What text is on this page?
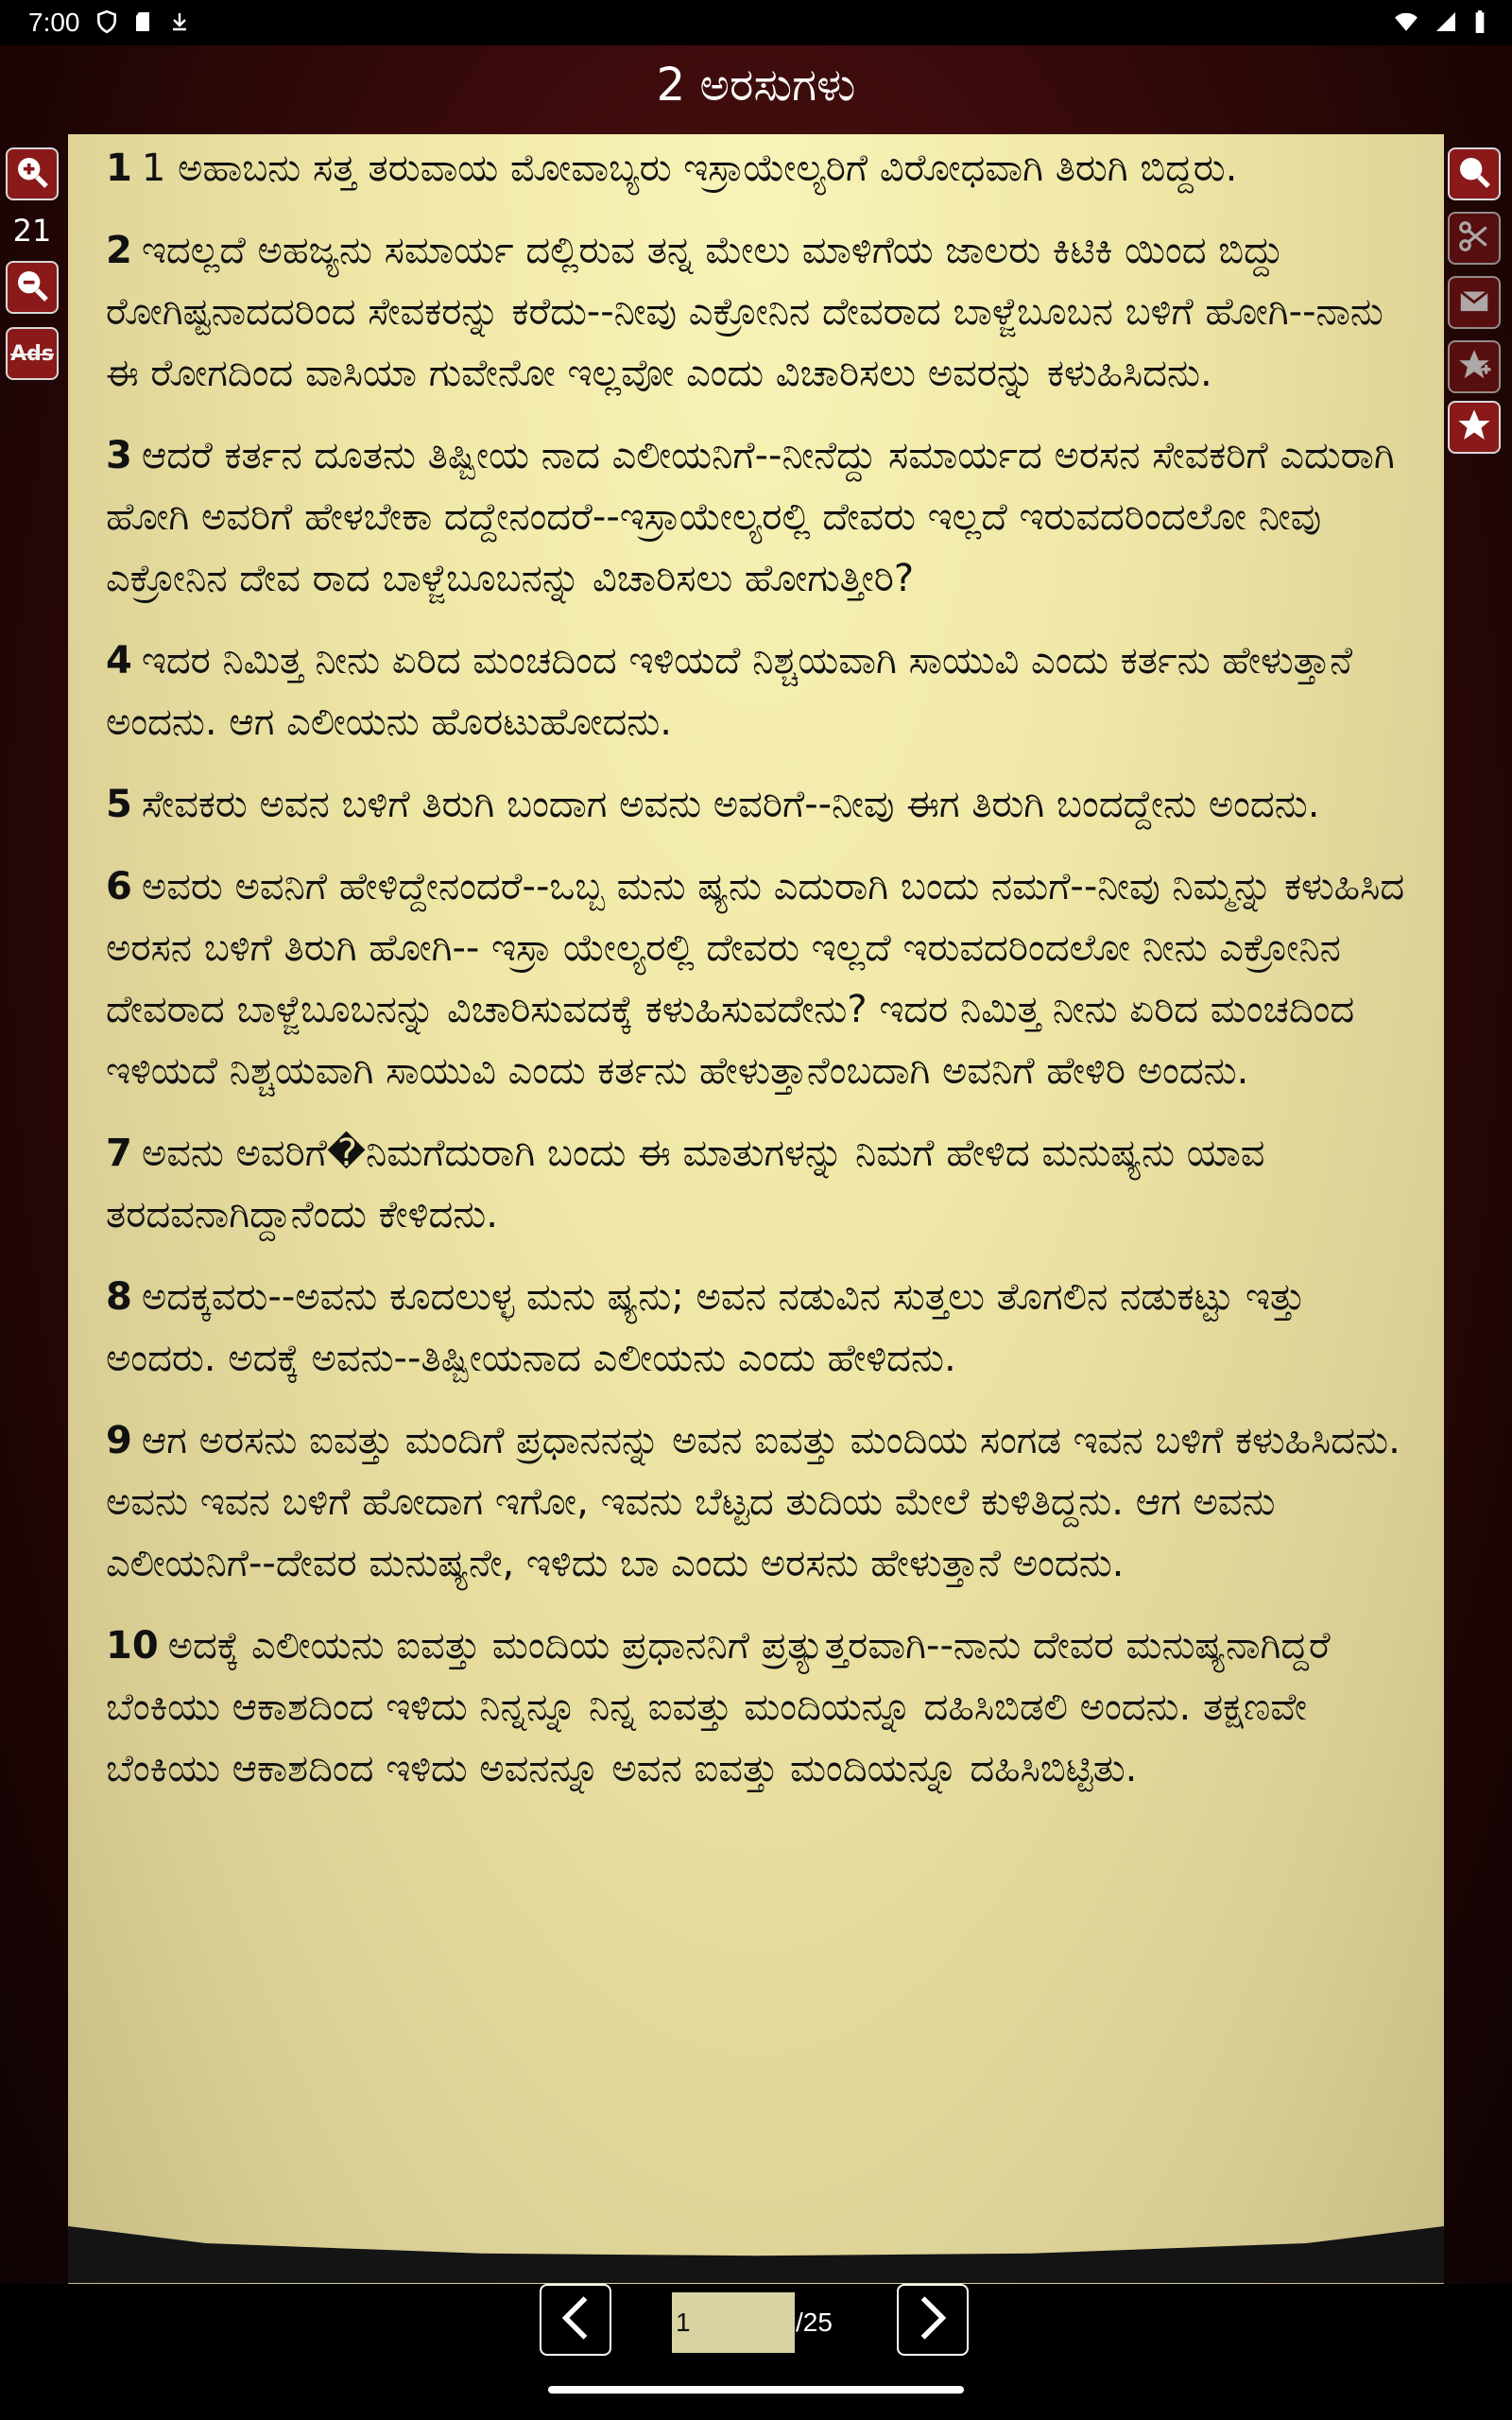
7:00
2 ಅರಸುಗಳು
1 1 ಅಹಾಬನು ಸತ್ತ ತರುವಾಯ ಮೋವಾಬ್ಯರು ಇಸ್ರಾಯೇಲ್ಯರಿಗೆ ವಿರೋಧವಾಗಿ ತಿರುಗಿ ಬಿದ್ದರು.
2 ಇದಲ್ಲದೆ ಅಹಜ್ಯನು ಸಮಾರ್ಯ ದಲ್ಲಿರುವ ತನ್ನ ಮೇಲು ಮಾಳಿಗೆಯ ಜಾಲರು ಕಿಟಿಕಿ ಯಿಂದ ಬಿದ್ದು ರೋಗಿಷ್ಟನಾದದರಿಂದ ಸೇವಕರನ್ನು ಕರೆದು--ನೀವು ಎಕ್ರೋನಿನ ದೇವರಾದ ಬಾಳ್ಜೆಬೂಬನ ಬಳಿಗೆ ಹೋಗಿ--ನಾನು ಈ ರೋಗದಿಂದ ವಾಸಿಯಾ ಗುವೇನೋ ಇಲ್ಲವೋ ಎಂದು ವಿಚಾರಿಸಲು ಅವರನ್ನು ಕಳುಹಿಸಿದನು.
3 ಆದರೆ ಕರ್ತನ ದೂತನು ತಿಷ್ಬೀಯ ನಾದ ಎಲೀಯನಿಗೆ--ನೀನೆದ್ದು ಸಮಾರ್ಯದ ಅರಸನ ಸೇವಕರಿಗೆ ಎದುರಾಗಿ ಹೋಗಿ ಅವರಿಗೆ ಹೇಳಬೇಕಾ ದದ್ದೇನಂದರೆ--ಇಸ್ರಾಯೇಲ್ಯರಲ್ಲಿ ದೇವರು ಇಲ್ಲದೆ ಇರುವದರಿಂದಲೋ ನೀವು ಎಕ್ರೋನಿನ ದೇವ ರಾದ ಬಾಳ್ಜೆಬೂಬನನ್ನು ವಿಚಾರಿಸಲು ಹೋಗುತ್ತೀರಿ?
4 ಇದರ ನಿಮಿತ್ತ ನೀನು ಏರಿದ ಮಂಚದಿಂದ ಇಳಿಯದೆ ನಿಶ್ಚಯವಾಗಿ ಸಾಯುವಿ ಎಂದು ಕರ್ತನು ಹೇಳುತ್ತಾನೆ ಅಂದನು. ಆಗ ಎಲೀಯನು ಹೊರಟುಹೋದನು.
5 ಸೇವಕರು ಅವನ ಬಳಿಗೆ ತಿರುಗಿ ಬಂದಾಗ ಅವನು ಅವರಿಗೆ--ನೀವು ಈಗ ತಿರುಗಿ ಬಂದದ್ದೇನು ಅಂದನು.
6 ಅವರು ಅವನಿಗೆ ಹೇಳಿದ್ದೇನಂದರೆ--ಒಬ್ಬ ಮನು ಷ್ಯನು ಎದುರಾಗಿ ಬಂದು ನಮಗೆ--ನೀವು ನಿಮ್ಮನ್ನು ಕಳುಹಿಸಿದ ಅರಸನ ಬಳಿಗೆ ತಿರುಗಿ ಹೋಗಿ-- ಇಸ್ರಾ ಯೇಲ್ಯರಲ್ಲಿ ದೇವರು ಇಲ್ಲದೆ ಇರುವದರಿಂದಲೋ ನೀನು ಎಕ್ರೋನಿನ ದೇವರಾದ ಬಾಳ್ಜೆಬೂಬನನ್ನು ವಿಚಾರಿಸುವದಕ್ಕೆ ಕಳುಹಿಸುವದೇನು? ಇದರ ನಿಮಿತ್ತ ನೀನು ಏರಿದ ಮಂಚದಿಂದ ಇಳಿಯದೆ ನಿಶ್ಚಯವಾಗಿ ಸಾಯುವಿ ಎಂದು ಕರ್ತನು ಹೇಳುತ್ತಾನೆಂಬದಾಗಿ ಅವನಿಗೆ ಹೇಳಿರಿ ಅಂದನು.
7 ಅವನು ಅವರಿಗೆ�ನಿಮಗೆದುರಾಗಿ ಬಂದು ಈ ಮಾತುಗಳನ್ನು ನಿಮಗೆ ಹೇಳಿದ ಮನುಷ್ಯನು ಯಾವ ತರದವನಾಗಿದ್ದಾನೆಂದು ಕೇಳಿದನು.
8 ಅದಕ್ಕವರು--ಅವನು ಕೂದಲುಳ್ಳ ಮನು ಷ್ಯನು; ಅವನ ನಡುವಿನ ಸುತ್ತಲು ತೊಗಲಿನ ನಡುಕಟ್ಟು ಇತ್ತು ಅಂದರು. ಅದಕ್ಕೆ ಅವನು--ತಿಷ್ಬೀಯನಾದ ಎಲೀಯನು ಎಂದು ಹೇಳಿದನು.
9 ಆಗ ಅರಸನು ಐವತ್ತು ಮಂದಿಗೆ ಪ್ರಧಾನನನ್ನು ಅವನ ಐವತ್ತು ಮಂದಿಯ ಸಂಗಡ ಇವನ ಬಳಿಗೆ ಕಳುಹಿಸಿದನು. ಅವನು ಇವನ ಬಳಿಗೆ ಹೋದಾಗ ಇಗೋ, ಇವನು ಬೆಟ್ಟದ ತುದಿಯ ಮೇಲೆ ಕುಳಿತಿದ್ದನು. ಆಗ ಅವನು ಎಲೀಯನಿಗೆ--ದೇವರ ಮನುಷ್ಯನೇ, ಇಳಿದು ಬಾ ಎಂದು ಅರಸನು ಹೇಳುತ್ತಾನೆ ಅಂದನು.
10 ಅದಕ್ಕೆ ಎಲೀಯನು ಐವತ್ತು ಮಂದಿಯ ಪ್ರಧಾನನಿಗೆ ಪ್ರತ್ಯುತ್ತರವಾಗಿ--ನಾನು ದೇವರ ಮನುಷ್ಯನಾಗಿದ್ದರೆ ಬೆಂಕಿಯು ಆಕಾಶದಿಂದ ಇಳಿದು ನಿನ್ನನ್ನೂ ನಿನ್ನ ಐವತ್ತು ಮಂದಿಯನ್ನೂ ದಹಿಸಿಬಿಡಲಿ ಅಂದನು. ತಕ್ಷಣವೇ ಬೆಂಕಿಯು ಆಕಾಶದಿಂದ ಇಳಿದು ಅವನನ್ನೂ ಅವನ ಐವತ್ತು ಮಂದಿಯನ್ನೂ ದಹಿಸಿಬಿಟ್ಟಿತು.
21
Ads
1
/25
